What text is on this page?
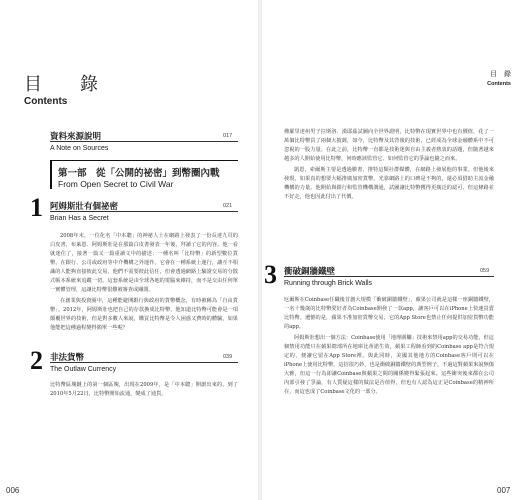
目　錄
Contents
資料來源說明	017
A Note on Sources
第一部　從「公開的祕密」到幣圈內戰
From Open Secret to Civil War
1 阿姆斯壯有個祕密	021
Brian Has a Secret

2008年末，一位化名「中本聰」的神祕人士在網路上發表了一份長達九頁的白皮書，布萊恩．阿姆斯壯是在那篇白皮書發表一年後，拜讀了它的內容。他一看就迷住了，接著一篇又一篇重讀文中的描述：一種名叫「比特幣」的新型數位貨幣，在銀行、公司或政府等中介機構之外運作。它會在一種系統上運行，讓互不相識的人能夠直接彼此交易，他們不需要彼此信任，但會透過網路上驗證交易的分散式帳本系統來追蹤一切。這套系統是由全球各地的電腦來維持，而不是交由任何單一實體管理，這讓比特幣很難被審查或關閉。

在創業與投資圈中，這種能避開銀行與政府的貨幣概念，有時被稱為「自由貨幣」。2012年，阿姆斯壯也把自己的存款換成比特幣，他知道比特幣可能會是一項顛覆世界的技術，但是對多數人來說，購買比特幣是令人困惑又費時的體驗，如果他能把這種過程變得簡單一些呢？

2 非法貨幣	039
The Outlaw Currency

比特幣區塊鏈上的第一個區塊，出現在2009年，是「中本聰」開創出來的，到了2010年5月22日，比特幣開始流通，變成了通貨。

006
目　錄
Contents

佛羅里達州男子拉斯洛．漢耶茲試圖向全世界證明，比特幣在現實世界中也有價值，花了一萬個比特幣買了兩個大披薩，如今，比特幣及其背後的技術，已經成為全球金融體系中不可忽視的一股力量。在此之前，比特幣一直都是技術迷與自由主義者熱衷的話題，但隨著越來越多的人開始使用比特幣，何時應該監管它、如何監管它的爭論也隨之而來。

凱恩，索爾斯主要是透過臉書、推特這類社群媒體，在網路上發展他的事業。但他後來發現，如果真的想要大幅推廣加密貨幣，光靠網路上的口碑是不夠的，還必須借助主流金融機構的力量。他開始與銀行和監管機構溝通，試圖讓比特幣獲得更廣泛的認可，但這條路並不好走，他也因此付出了代價。

3 衝破銅牆鐵壁	059
Running through Brick Walls

厄爾斯在Coinbase任職後首創大規模「衝破銅牆鐵壁」，蘋果公司就是這樣一座銅牆鐵壁，一名十幾歲的比特幣愛好者為Coinbase開發了一款app，讓客戶可以在iPhone上快速買賣比特幣。遺憾的是，蘋果不准加密貨幣交易，它的App Store也禁止任何提供加密貨幣功能的app。

阿姆斯壯想出一個方法：Coinbase使用「地理圍欄」技術來禁用app的交易功能，但這個禁用功能只在蘋果總部所在地庫比蒂諾生效，蘋果工程師看到的Coinbase app是符合規定的，便讓它留在App Store裡。與此同時，美國其他地方的Coinbase客戶則可以在iPhone上使用比特幣，這招很巧妙，也是衝破銅牆鐵壁的典型例子。不過這對蘋果來說無傷大雅，但這一行為卻讓Coinbase與蘋果之間的關係變得緊張起來。這些衝突後來都在公司內部引發了爭論，有人質疑這樣的做法是否值得，但也有人認為這正是Coinbase的精神所在，而這也成了Coinbase文化的一部分。

007
